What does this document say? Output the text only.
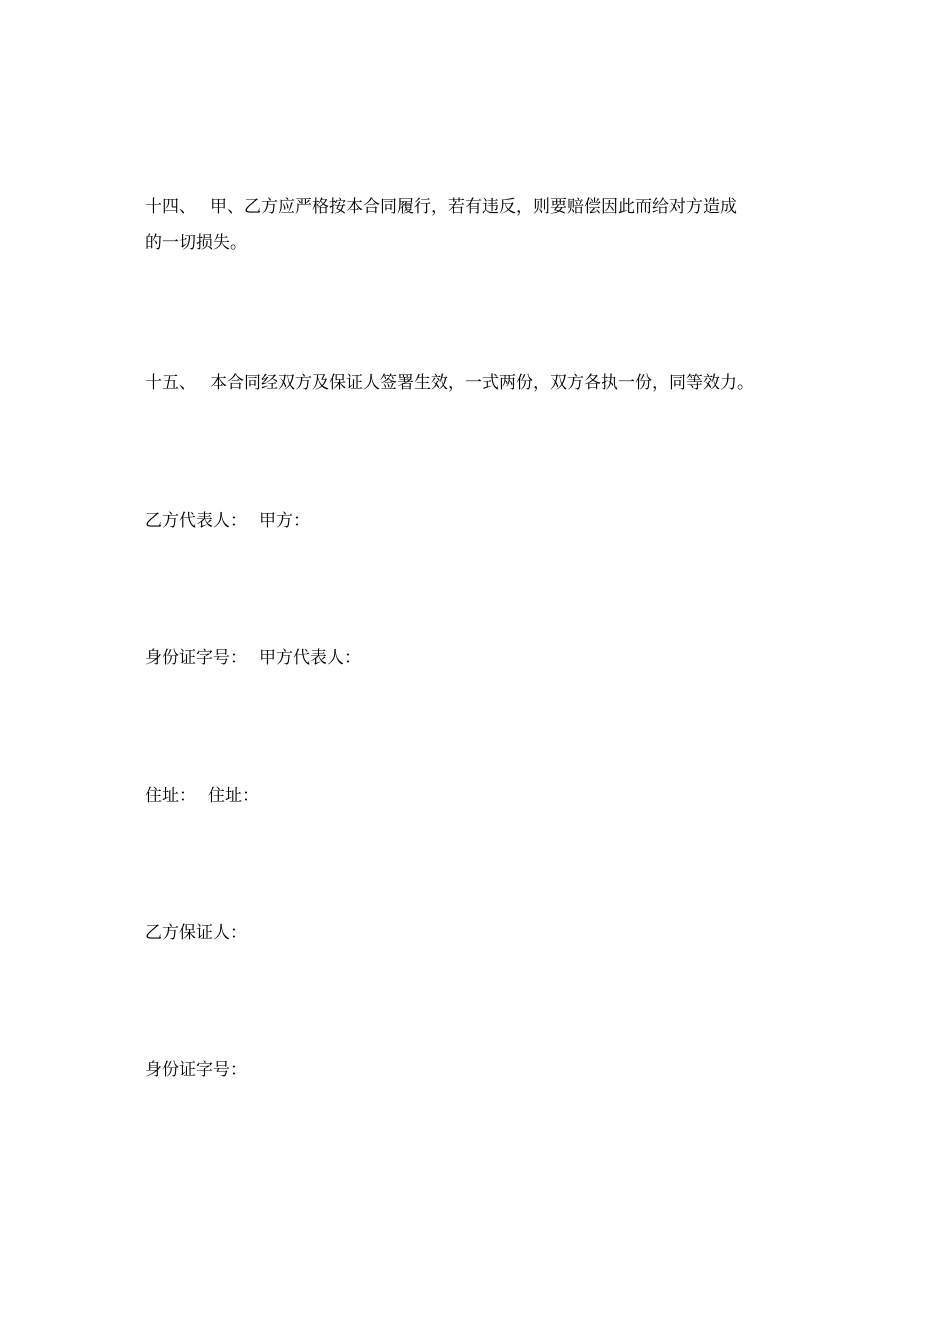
十四、 甲、乙方应严格按本合同履行，若有违反，则要赔偿因此而给对方造成
的一切损失。
十五、 本合同经双方及保证人签署生效，一式两份，双方各执一份，同等效力。
乙方代表人： 甲方：
身份证字号： 甲方代表人：
住址： 住址：
乙方保证人：
身份证字号：
